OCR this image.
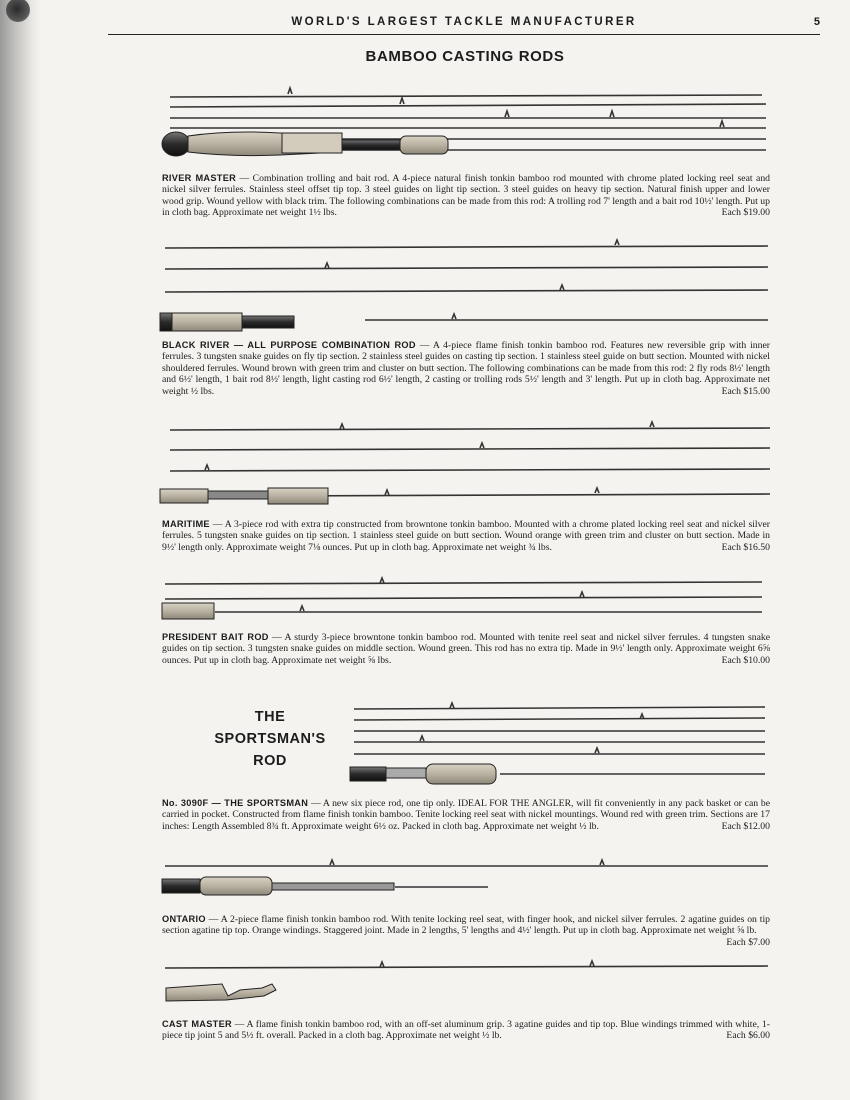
WORLD'S LARGEST TACKLE MANUFACTURER	5
BAMBOO CASTING RODS
THE
SPORTSMAN'S
ROD
RIVER MASTER — Combination trolling and bait rod. A 4-piece natural finish tonkin bamboo rod mounted with chrome plated locking reel seat and nickel silver ferrules. Stainless steel offset tip top. 3 steel guides on light tip section. 3 steel guides on heavy tip section. Natural finish upper and lower wood grip. Wound yellow with black trim. The following combinations can be made from this rod: A trolling rod 7' length and a bait rod 10½' length. Put up in cloth bag. Approximate net weight 1½ lbs.	Each $19.00
BLACK RIVER — ALL PURPOSE COMBINATION ROD — A 4-piece flame finish tonkin bamboo rod. Features new reversible grip with inner ferrules. 3 tungsten snake guides on fly tip section. 2 stainless steel guides on casting tip section. 1 stainless steel guide on butt section. Mounted with nickel shouldered ferrules. Wound brown with green trim and cluster on butt section. The following combinations can be made from this rod: 2 fly rods 8½' length and 6½' length, 1 bait rod 8½' length, light casting rod 6½' length, 2 casting or trolling rods 5½' length and 3' length. Put up in cloth bag. Approximate net weight ½ lbs.	Each $15.00
MARITIME — A 3-piece rod with extra tip constructed from browntone tonkin bamboo. Mounted with a chrome plated locking reel seat and nickel silver ferrules. 5 tungsten snake guides on tip section. 1 stainless steel guide on butt section. Wound orange with green trim and cluster on butt section. Made in 9½' length only. Approximate weight 7⅛ ounces. Put up in cloth bag. Approximate net weight ¾ lbs.	Each $16.50
PRESIDENT BAIT ROD — A sturdy 3-piece browntone tonkin bamboo rod. Mounted with tenite reel seat and nickel silver ferrules. 4 tungsten snake guides on tip section. 3 tungsten snake guides on middle section. Wound green. This rod has no extra tip. Made in 9½' length only. Approximate weight 6⅝ ounces. Put up in cloth bag. Approximate net weight ⅝ lbs.	Each $10.00
No. 3090F — THE SPORTSMAN — A new six piece rod, one tip only. IDEAL FOR THE ANGLER, will fit conveniently in any pack basket or can be carried in pocket. Constructed from flame finish tonkin bamboo. Tenite locking reel seat with nickel mountings. Wound red with green trim. Sections are 17 inches: Length Assembled 8¾ ft. Approximate weight 6½ oz. Packed in cloth bag. Approximate net weight ½ lb.	Each $12.00
ONTARIO — A 2-piece flame finish tonkin bamboo rod. With tenite locking reel seat, with finger hook, and nickel silver ferrules. 2 agatine guides on tip section agatine tip top. Orange windings. Staggered joint. Made in 2 lengths, 5' lengths and 4½' length. Put up in cloth bag. Approximate net weight ⅝ lb.
Each $7.00
CAST MASTER — A flame finish tonkin bamboo rod, with an off-set aluminum grip. 3 agatine guides and tip top. Blue windings trimmed with white, 1-piece tip joint 5 and 5½ ft. overall. Packed in a cloth bag. Approximate net weight ½ lb.	Each $6.00
